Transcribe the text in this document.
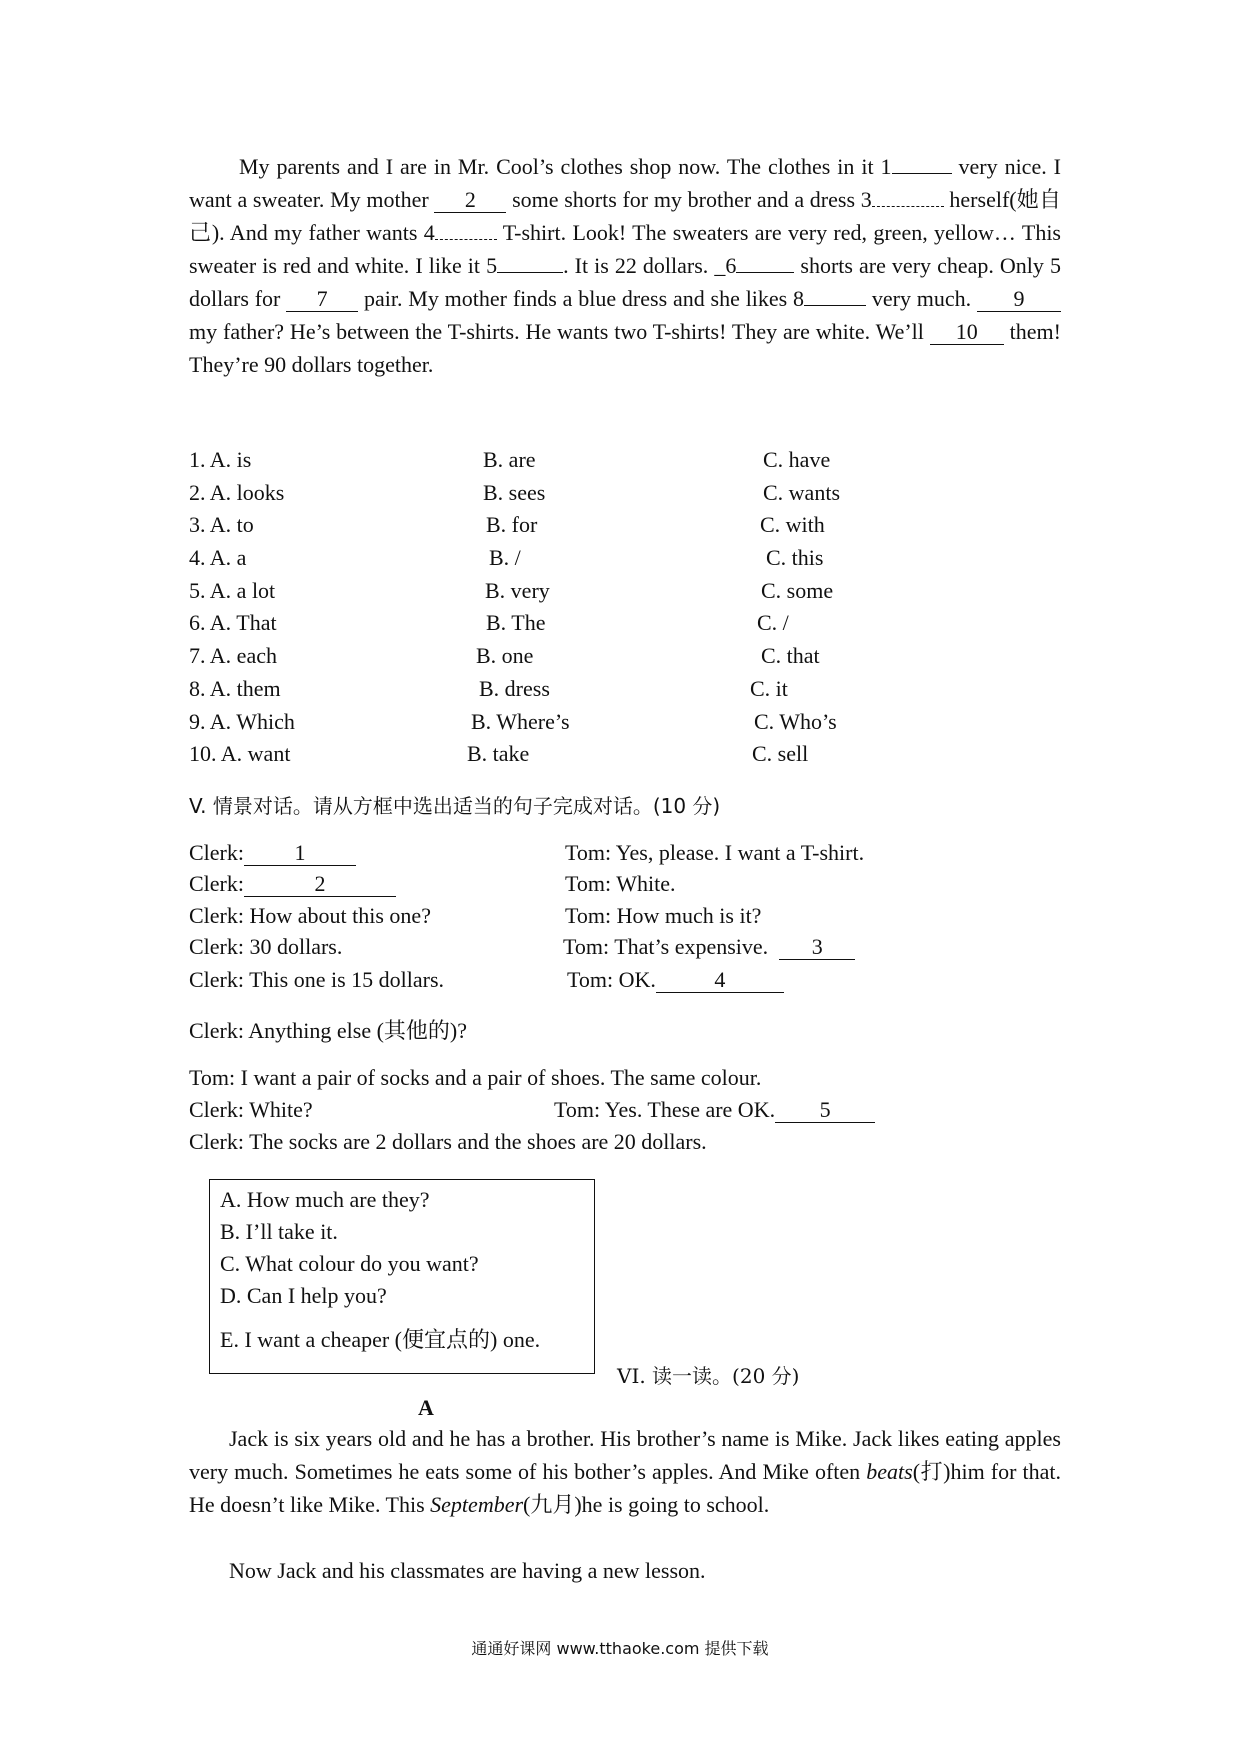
My parents and I are in Mr. Cool’s clothes shop now. The clothes in it 1	very nice. I want a sweater. My mother 2 some shorts for my brother and a dress 3	herself(她自己). And my father wants 4	T-shirt. Look! The sweaters are very red, green, yellow… This sweater is red and white. I like it 5	. It is 22 dollars. _6	shorts are very cheap. Only 5 dollars for 7 pair. My mother finds a blue dress and she likes 8	very much. 9 my father? He’s between the T-shirts. He wants two T-shirts! They are white. We’ll 10 them! They’re 90 dollars together.

1. A. is	B. are	C. have
2. A. looks	B. sees	C. wants
3. A. to	B. for	C. with
4. A. a	B. /	C. this
5. A. a lot	B. very	C. some
6. A. That	B. The	C. /
7. A. each	B. one	C. that
8. A. them	B. dress	C. it
9. A. Which	B. Where’s	C. Who’s
10. A. want	B. take	C. sell
V. 情景对话。请从方框中选出适当的句子完成对话。(10 分)
Clerk: 1	Tom: Yes, please. I want a T-shirt.
Clerk:	2	Tom: White.
Clerk: How about this one?	Tom: How much is it?
Clerk: 30 dollars.	Tom: That’s expensive. 3
Clerk: This one is 15 dollars.	Tom: OK.	4
Clerk: Anything else (其他的)?
Tom: I want a pair of socks and a pair of shoes. The same colour.
Clerk: White?	Tom: Yes. These are OK. 5
Clerk: The socks are 2 dollars and the shoes are 20 dollars.
A. How much are they?
B. I’ll take it.
C. What colour do you want?
D. Can I help you?
E. I want a cheaper (便宜点的) one.
VI. 读一读。(20 分)
A

Jack is six years old and he has a brother. His brother’s name is Mike. Jack likes eating apples very much. Sometimes he eats some of his bother’s apples. And Mike often beats(打)him for that. He doesn’t like Mike. This September(九月)he is going to school.

Now Jack and his classmates are having a new lesson.

通通好课网 www.tthaoke.com 提供下载
